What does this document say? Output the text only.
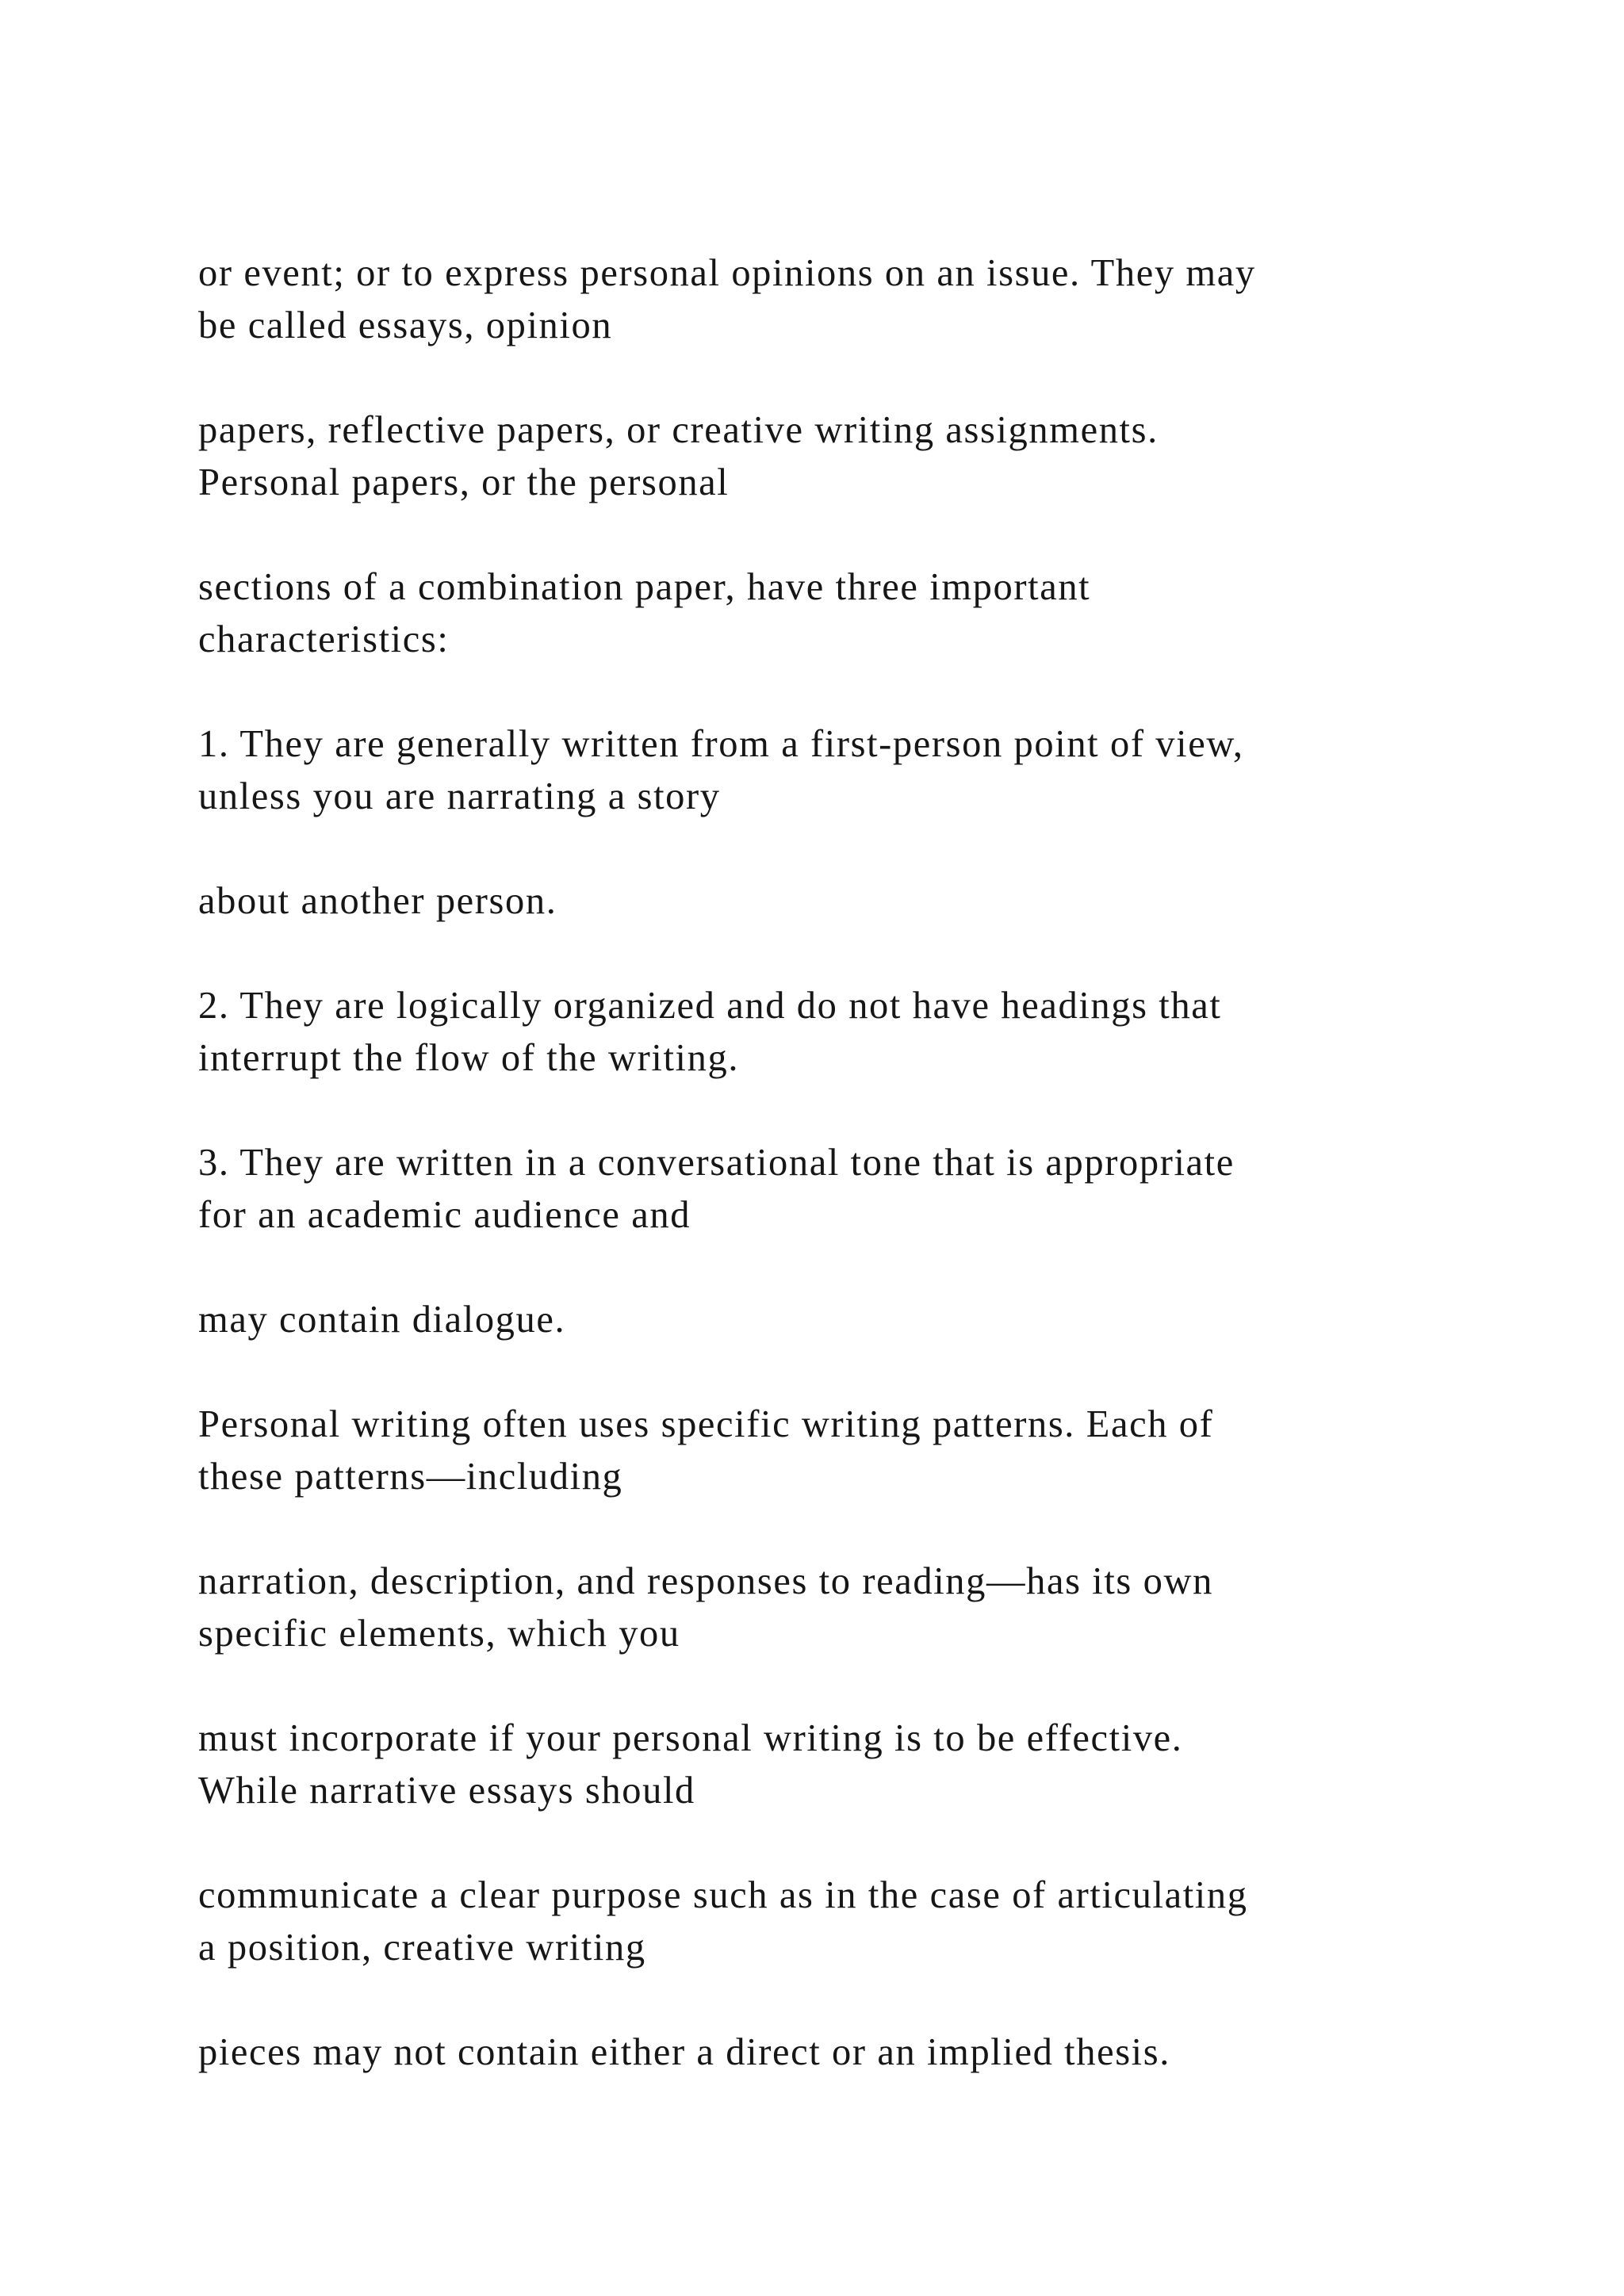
or event; or to express personal opinions on an issue. They may
be called essays, opinion

papers, reflective papers, or creative writing assignments.
Personal papers, or the personal

sections of a combination paper, have three important
characteristics:

1. They are generally written from a first-person point of view,
unless you are narrating a story

about another person.

2. They are logically organized and do not have headings that
interrupt the flow of the writing.

3. They are written in a conversational tone that is appropriate
for an academic audience and

may contain dialogue.

Personal writing often uses specific writing patterns. Each of
these patterns—including

narration, description, and responses to reading—has its own
specific elements, which you

must incorporate if your personal writing is to be effective.
While narrative essays should

communicate a clear purpose such as in the case of articulating
a position, creative writing

pieces may not contain either a direct or an implied thesis.
